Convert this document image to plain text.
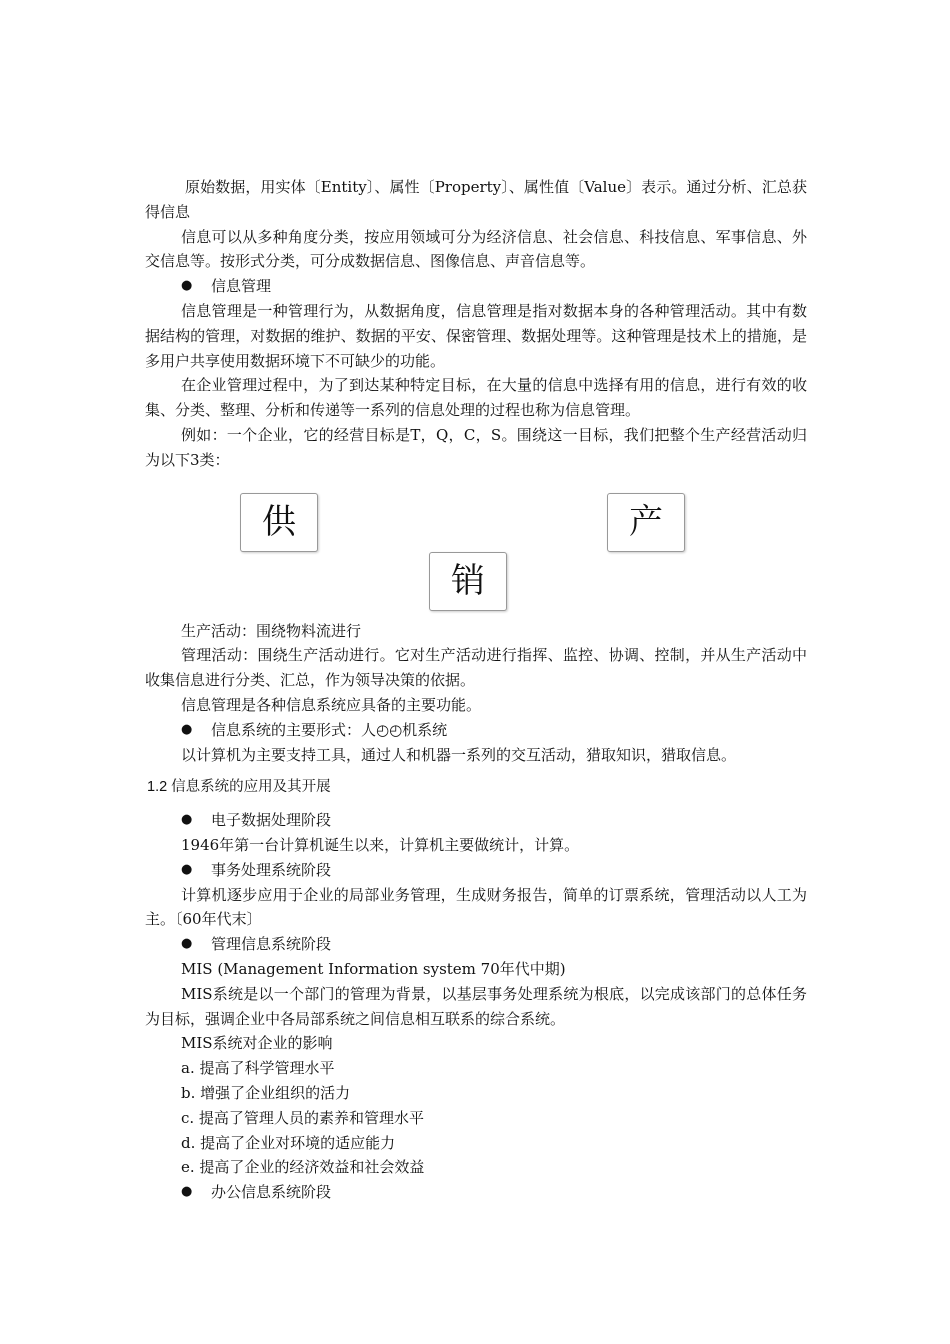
原始数据，用实体〔Entity〕、属性〔Property〕、属性值〔Value〕表示。通过分析、汇总获得信息

信息可以从多种角度分类，按应用领域可分为经济信息、社会信息、科技信息、军事信息、外交信息等。按形式分类，可分成数据信息、图像信息、声音信息等。

● 信息管理

信息管理是一种管理行为，从数据角度，信息管理是指对数据本身的各种管理活动。其中有数据结构的管理，对数据的维护、数据的平安、保密管理、数据处理等。这种管理是技术上的措施，是多用户共享使用数据环境下不可缺少的功能。

在企业管理过程中，为了到达某种特定目标，在大量的信息中选择有用的信息，进行有效的收集、分类、整理、分析和传递等一系列的信息处理的过程也称为信息管理。

例如：一个企业，它的经营目标是T，Q，C，S。围绕这一目标，我们把整个生产经营活动归为以下3类：

供	产
销

生产活动：围绕物料流进行

管理活动：围绕生产活动进行。它对生产活动进行指挥、监控、协调、控制，并从生产活动中收集信息进行分类、汇总，作为领导决策的依据。

信息管理是各种信息系统应具备的主要功能。

● 信息系统的主要形式：人◴◴机系统

以计算机为主要支持工具，通过人和机器一系列的交互活动，猎取知识，猎取信息。

1.2 信息系统的应用及其开展

● 电子数据处理阶段

1946年第一台计算机诞生以来，计算机主要做统计，计算。

● 事务处理系统阶段

计算机逐步应用于企业的局部业务管理，生成财务报告，简单的订票系统，管理活动以人工为主。〔60年代末〕

● 管理信息系统阶段

MIS (Management Information system 70年代中期)

MIS系统是以一个部门的管理为背景，以基层事务处理系统为根底，以完成该部门的总体任务为目标，强调企业中各局部系统之间信息相互联系的综合系统。

MIS系统对企业的影响

a. 提高了科学管理水平

b. 增强了企业组织的活力

c. 提高了管理人员的素养和管理水平

d. 提高了企业对环境的适应能力

e. 提高了企业的经济效益和社会效益

● 办公信息系统阶段
